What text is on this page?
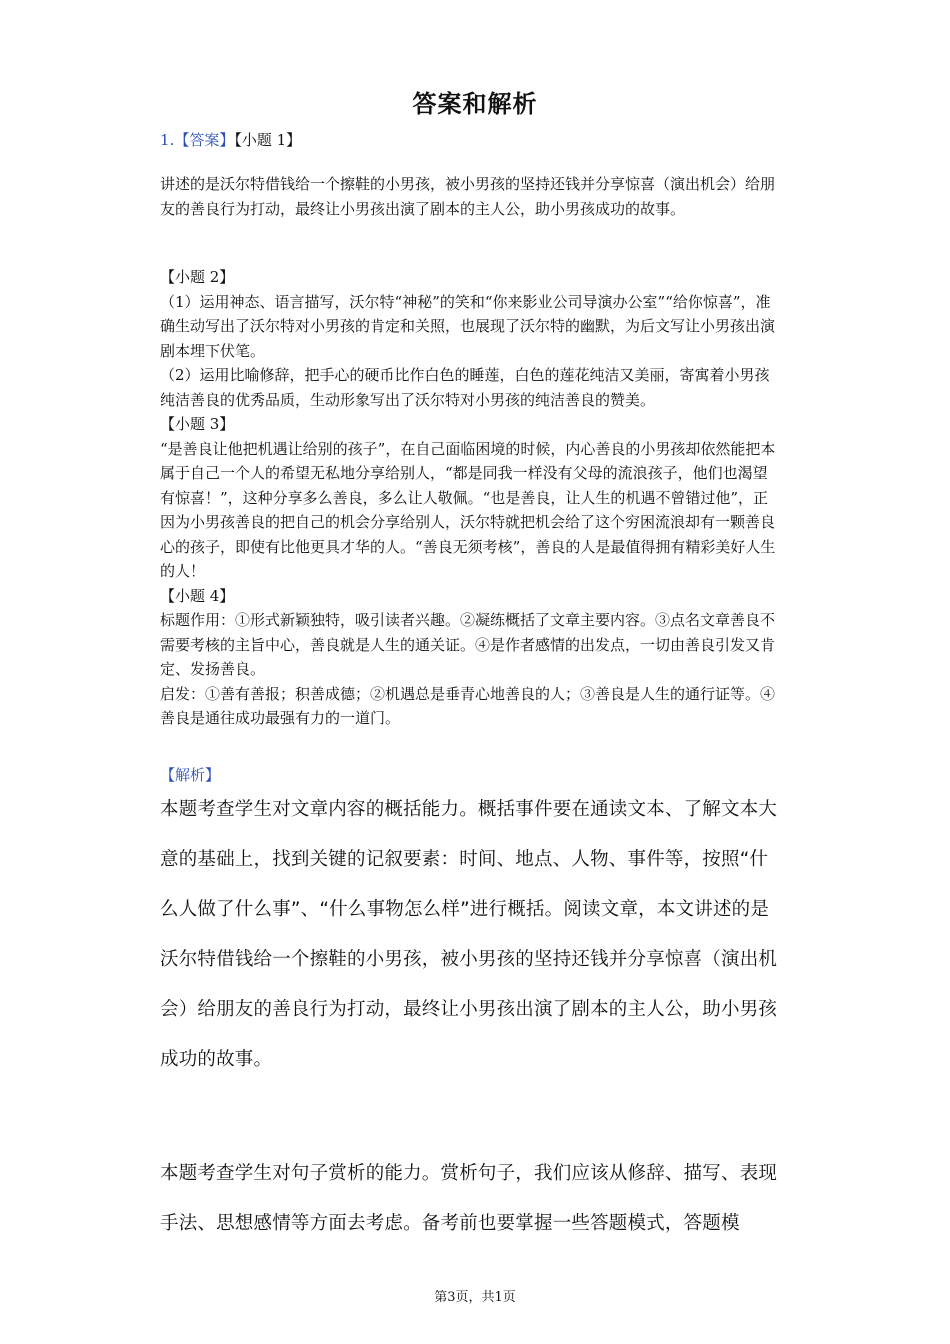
答案和解析
1.【答案】【小题 1】

讲述的是沃尔特借钱给一个擦鞋的小男孩，被小男孩的坚持还钱并分享惊喜（演出机会）给朋友的善良行为打动，最终让小男孩出演了剧本的主人公，助小男孩成功的故事。

【小题 2】

（1）运用神态、语言描写，沃尔特“神秘”的笑和“你来影业公司导演办公室”“给你惊喜”，准确生动写出了沃尔特对小男孩的肯定和关照，也展现了沃尔特的幽默，为后文写让小男孩出演剧本埋下伏笔。

（2）运用比喻修辞，把手心的硬币比作白色的睡莲，白色的莲花纯洁又美丽，寄寓着小男孩纯洁善良的优秀品质，生动形象写出了沃尔特对小男孩的纯洁善良的赞美。

【小题 3】

“是善良让他把机遇让给别的孩子”，在自己面临困境的时候，内心善良的小男孩却依然能把本属于自己一个人的希望无私地分享给别人，“都是同我一样没有父母的流浪孩子，他们也渴望有惊喜！”，这种分享多么善良，多么让人敬佩。“也是善良，让人生的机遇不曾错过他”，正因为小男孩善良的把自己的机会分享给别人，沃尔特就把机会给了这个穷困流浪却有一颗善良心的孩子，即使有比他更具才华的人。“善良无须考核”，善良的人是最值得拥有精彩美好人生的人！

【小题 4】

标题作用：①形式新颖独特，吸引读者兴趣。②凝练概括了文章主要内容。③点名文章善良不需要考核的主旨中心，善良就是人生的通关证。④是作者感情的出发点，一切由善良引发又肯定、发扬善良。

启发：①善有善报；积善成德；②机遇总是垂青心地善良的人；③善良是人生的通行证等。④善良是通往成功最强有力的一道门。

【解析】
本题考查学生对文章内容的概括能力。概括事件要在通读文本、了解文本大意的基础上，找到关键的记叙要素：时间、地点、人物、事件等，按照“什么人做了什么事”、“什么事物怎么样”进行概括。阅读文章，本文讲述的是沃尔特借钱给一个擦鞋的小男孩，被小男孩的坚持还钱并分享惊喜（演出机会）给朋友的善良行为打动，最终让小男孩出演了剧本的主人公，助小男孩成功的故事。
本题考查学生对句子赏析的能力。赏析句子，我们应该从修辞、描写、表现手法、思想感情等方面去考虑。备考前也要掌握一些答题模式，答题模
第3页，共1页
